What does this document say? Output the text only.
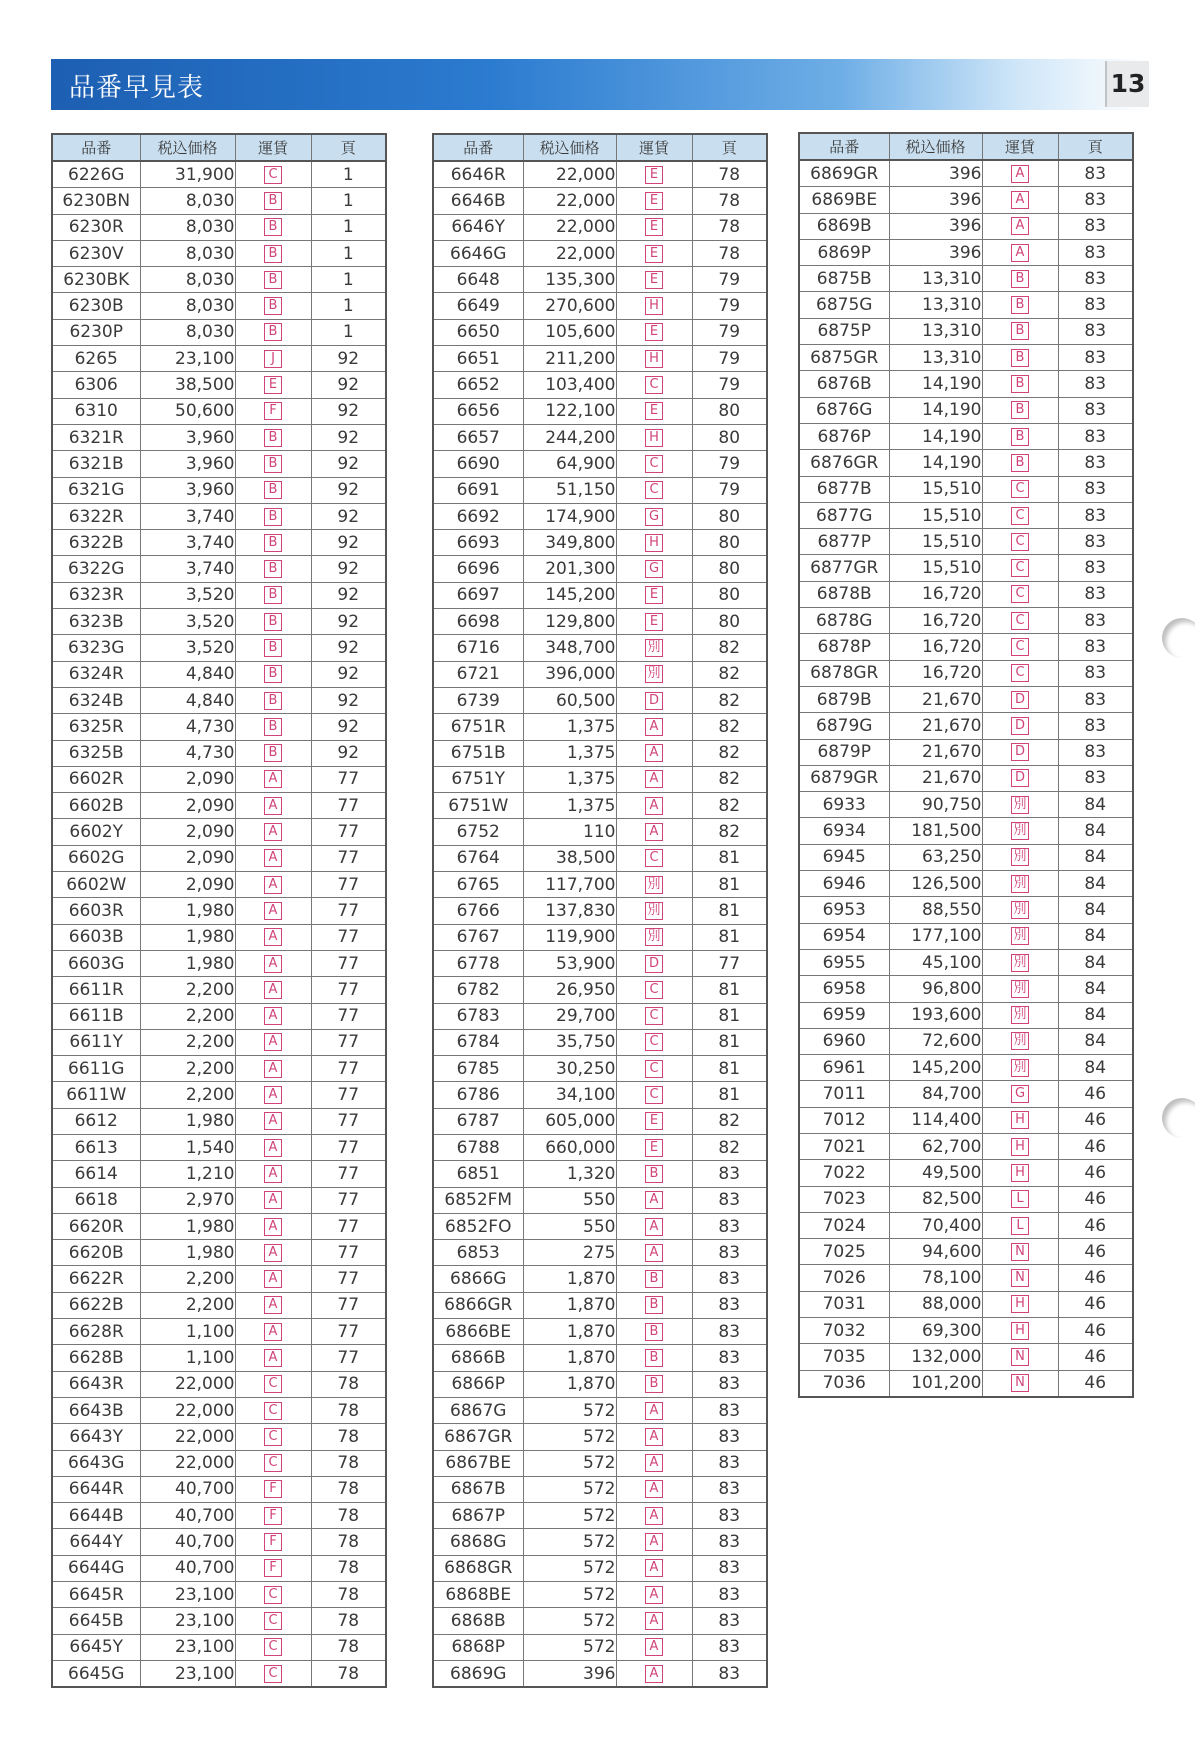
品番早見表	13
品番	税込価格	運賃	頁
6226G	31,900	C	1
6230BN	8,030	B	1
6230R	8,030	B	1
6230V	8,030	B	1
6230BK	8,030	B	1
6230B	8,030	B	1
6230P	8,030	B	1
6265	23,100	J	92
6306	38,500	E	92
6310	50,600	F	92
6321R	3,960	B	92
6321B	3,960	B	92
6321G	3,960	B	92
6322R	3,740	B	92
6322B	3,740	B	92
6322G	3,740	B	92
6323R	3,520	B	92
6323B	3,520	B	92
6323G	3,520	B	92
6324R	4,840	B	92
6324B	4,840	B	92
6325R	4,730	B	92
6325B	4,730	B	92
6602R	2,090	A	77
6602B	2,090	A	77
6602Y	2,090	A	77
6602G	2,090	A	77
6602W	2,090	A	77
6603R	1,980	A	77
6603B	1,980	A	77
6603G	1,980	A	77
6611R	2,200	A	77
6611B	2,200	A	77
6611Y	2,200	A	77
6611G	2,200	A	77
6611W	2,200	A	77
6612	1,980	A	77
6613	1,540	A	77
6614	1,210	A	77
6618	2,970	A	77
6620R	1,980	A	77
6620B	1,980	A	77
6622R	2,200	A	77
6622B	2,200	A	77
6628R	1,100	A	77
6628B	1,100	A	77
6643R	22,000	C	78
6643B	22,000	C	78
6643Y	22,000	C	78
6643G	22,000	C	78
6644R	40,700	F	78
6644B	40,700	F	78
6644Y	40,700	F	78
6644G	40,700	F	78
6645R	23,100	C	78
6645B	23,100	C	78
6645Y	23,100	C	78
6645G	23,100	C	78
品番	税込価格	運賃	頁
6646R	22,000	E	78
6646B	22,000	E	78
6646Y	22,000	E	78
6646G	22,000	E	78
6648	135,300	E	79
6649	270,600	H	79
6650	105,600	E	79
6651	211,200	H	79
6652	103,400	C	79
6656	122,100	E	80
6657	244,200	H	80
6690	64,900	C	79
6691	51,150	C	79
6692	174,900	G	80
6693	349,800	H	80
6696	201,300	G	80
6697	145,200	E	80
6698	129,800	E	80
6716	348,700	別	82
6721	396,000	別	82
6739	60,500	D	82
6751R	1,375	A	82
6751B	1,375	A	82
6751Y	1,375	A	82
6751W	1,375	A	82
6752	110	A	82
6764	38,500	C	81
6765	117,700	別	81
6766	137,830	別	81
6767	119,900	別	81
6778	53,900	D	77
6782	26,950	C	81
6783	29,700	C	81
6784	35,750	C	81
6785	30,250	C	81
6786	34,100	C	81
6787	605,000	E	82
6788	660,000	E	82
6851	1,320	B	83
6852FM	550	A	83
6852FO	550	A	83
6853	275	A	83
6866G	1,870	B	83
6866GR	1,870	B	83
6866BE	1,870	B	83
6866B	1,870	B	83
6866P	1,870	B	83
6867G	572	A	83
6867GR	572	A	83
6867BE	572	A	83
6867B	572	A	83
6867P	572	A	83
6868G	572	A	83
6868GR	572	A	83
6868BE	572	A	83
6868B	572	A	83
6868P	572	A	83
6869G	396	A	83
品番	税込価格	運賃	頁
6869GR	396	A	83
6869BE	396	A	83
6869B	396	A	83
6869P	396	A	83
6875B	13,310	B	83
6875G	13,310	B	83
6875P	13,310	B	83
6875GR	13,310	B	83
6876B	14,190	B	83
6876G	14,190	B	83
6876P	14,190	B	83
6876GR	14,190	B	83
6877B	15,510	C	83
6877G	15,510	C	83
6877P	15,510	C	83
6877GR	15,510	C	83
6878B	16,720	C	83
6878G	16,720	C	83
6878P	16,720	C	83
6878GR	16,720	C	83
6879B	21,670	D	83
6879G	21,670	D	83
6879P	21,670	D	83
6879GR	21,670	D	83
6933	90,750	別	84
6934	181,500	別	84
6945	63,250	別	84
6946	126,500	別	84
6953	88,550	別	84
6954	177,100	別	84
6955	45,100	別	84
6958	96,800	別	84
6959	193,600	別	84
6960	72,600	別	84
6961	145,200	別	84
7011	84,700	G	46
7012	114,400	H	46
7021	62,700	H	46
7022	49,500	H	46
7023	82,500	L	46
7024	70,400	L	46
7025	94,600	N	46
7026	78,100	N	46
7031	88,000	H	46
7032	69,300	H	46
7035	132,000	N	46
7036	101,200	N	46
